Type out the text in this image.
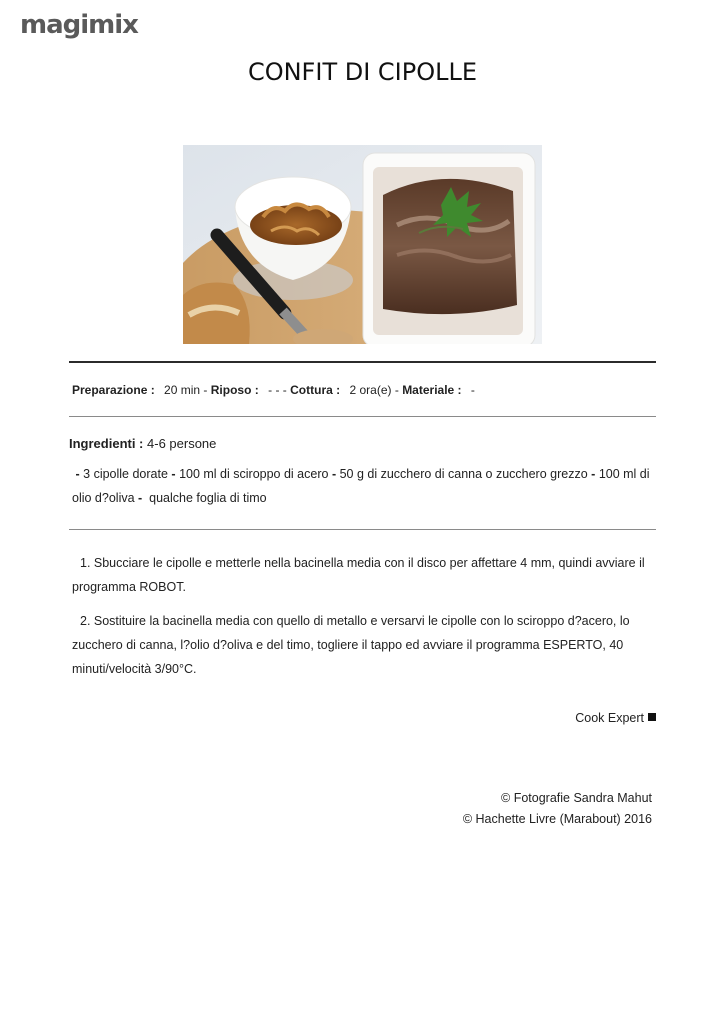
magimix
CONFIT DI CIPOLLE
Preparazione : 20 min - Riposo : - - - Cottura : 2 ora(e) - Materiale : -
Ingredienti : 4-6 persone
- 3 cipolle dorate - 100 ml di sciroppo di acero - 50 g di zucchero di canna o zucchero grezzo - 100 ml di olio d?oliva - qualche foglia di timo
1. Sbucciare le cipolle e metterle nella bacinella media con il disco per affettare 4 mm, quindi avviare il programma ROBOT.
2. Sostituire la bacinella media con quello di metallo e versarvi le cipolle con lo sciroppo d?acero, lo zucchero di canna, l?olio d?oliva e del timo, togliere il tappo ed avviare il programma ESPERTO, 40 minuti/velocità 3/90°C.
Cook Expert
© Fotografie Sandra Mahut
© Hachette Livre (Marabout) 2016
